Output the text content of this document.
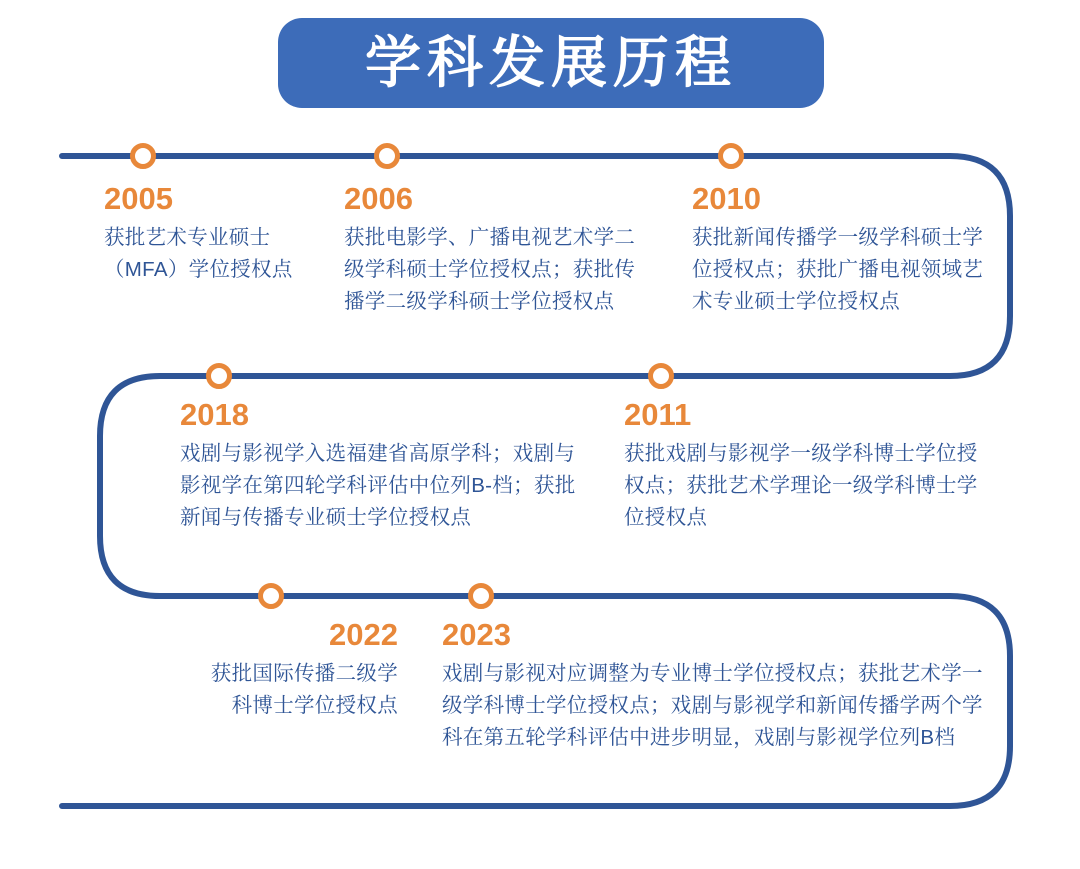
学科发展历程
2005
获批艺术专业硕士（MFA）学位授权点
2006
获批电影学、广播电视艺术学二级学科硕士学位授权点；获批传播学二级学科硕士学位授权点
2010
获批新闻传播学一级学科硕士学位授权点；获批广播电视领域艺术专业硕士学位授权点
2018
戏剧与影视学入选福建省高原学科；戏剧与影视学在第四轮学科评估中位列B-档；获批新闻与传播专业硕士学位授权点
2011
获批戏剧与影视学一级学科博士学位授权点；获批艺术学理论一级学科博士学位授权点
2022
获批国际传播二级学科博士学位授权点
2023
戏剧与影视对应调整为专业博士学位授权点；获批艺术学一级学科博士学位授权点；戏剧与影视学和新闻传播学两个学科在第五轮学科评估中进步明显，戏剧与影视学位列B档
